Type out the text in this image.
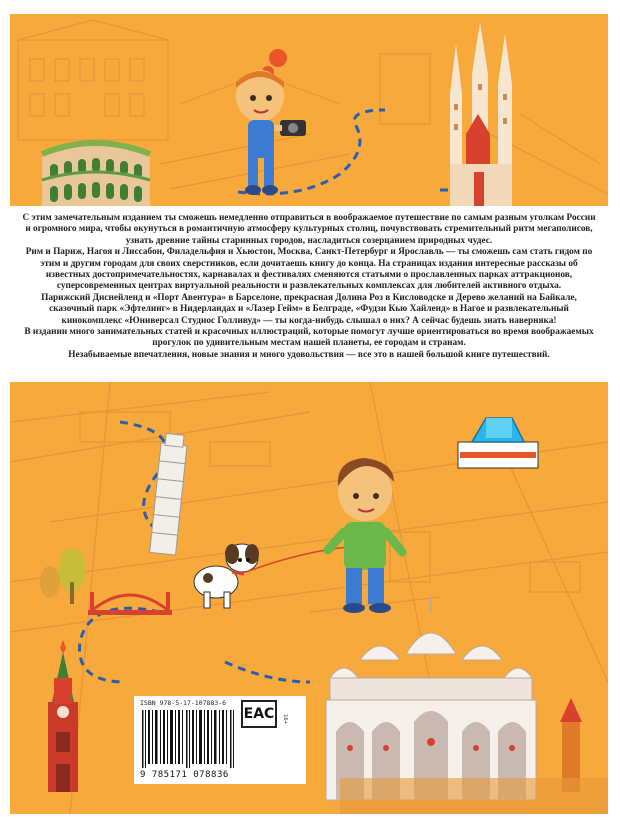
С этим замечательным изданием ты сможешь немедленно отправиться в воображаемое путешествие по самым разным уголкам России и огромного мира, чтобы окунуться в романтичную атмосферу культурных столиц, почувствовать стремительный ритм мегаполисов, узнать древние тайны старинных городов, насладиться созерцанием природных чудес.

Рим и Париж, Нагоя и Лиссабон, Филадельфия и Хьюстон, Москва, Санкт-Петербург и Ярославль — ты сможешь сам стать гидом по этим и другим городам для своих сверстников, если дочитаешь книгу до конца. На страницах издания интересные рассказы об известных достопримечательностях, карнавалах и фестивалях сменяются статьями о прославленных парках аттракционов, суперсовременных центрах виртуальной реальности и развлекательных комплексах для любителей активного отдыха.

Парижский Диснейленд и «Порт Авентура» в Барселоне, прекрасная Долина Роз в Кисловодске и Дерево желаний на Байкале, сказочный парк «Эфтелинг» в Нидерландах и «Лазер Гейм» в Белграде, «Фудзи Кью Хайленд» в Нагое и развлекательный кинокомплекс «Юниверсал Студиос Голливуд» — ты когда-нибудь слышал о них? А сейчас будешь знать наверняка!

В издании много занимательных статей и красочных иллюстраций, которые помогут лучше ориентироваться во время воображаемых прогулок по удивительным местам нашей планеты, ее городам и странам.

Незабываемые впечатления, новые знания и много удовольствия — все это в нашей большой книге путешествий.

ISBN 978-5-17-107883-6
9 785171 078836
ЕАС	16+
